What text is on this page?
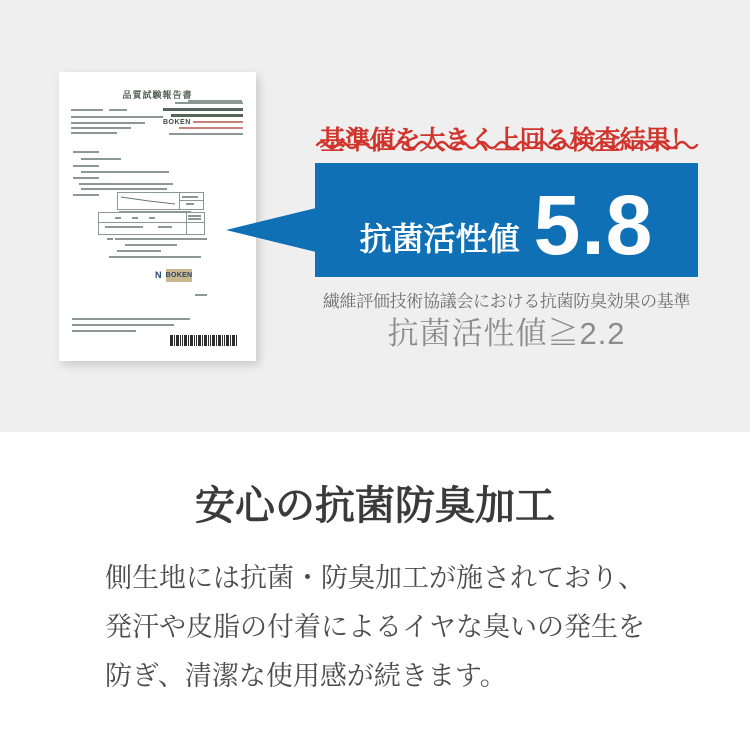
品質試験報告書
BOKEN
N BOKEN
基準値を大きく上回る検査結果！
抗菌活性値 5.8

繊維評価技術協議会における抗菌防臭効果の基準

抗菌活性値≧2.2

安心の抗菌防臭加工

側生地には抗菌・防臭加工が施されており、

発汗や皮脂の付着によるイヤな臭いの発生を

防ぎ、清潔な使用感が続きます。
